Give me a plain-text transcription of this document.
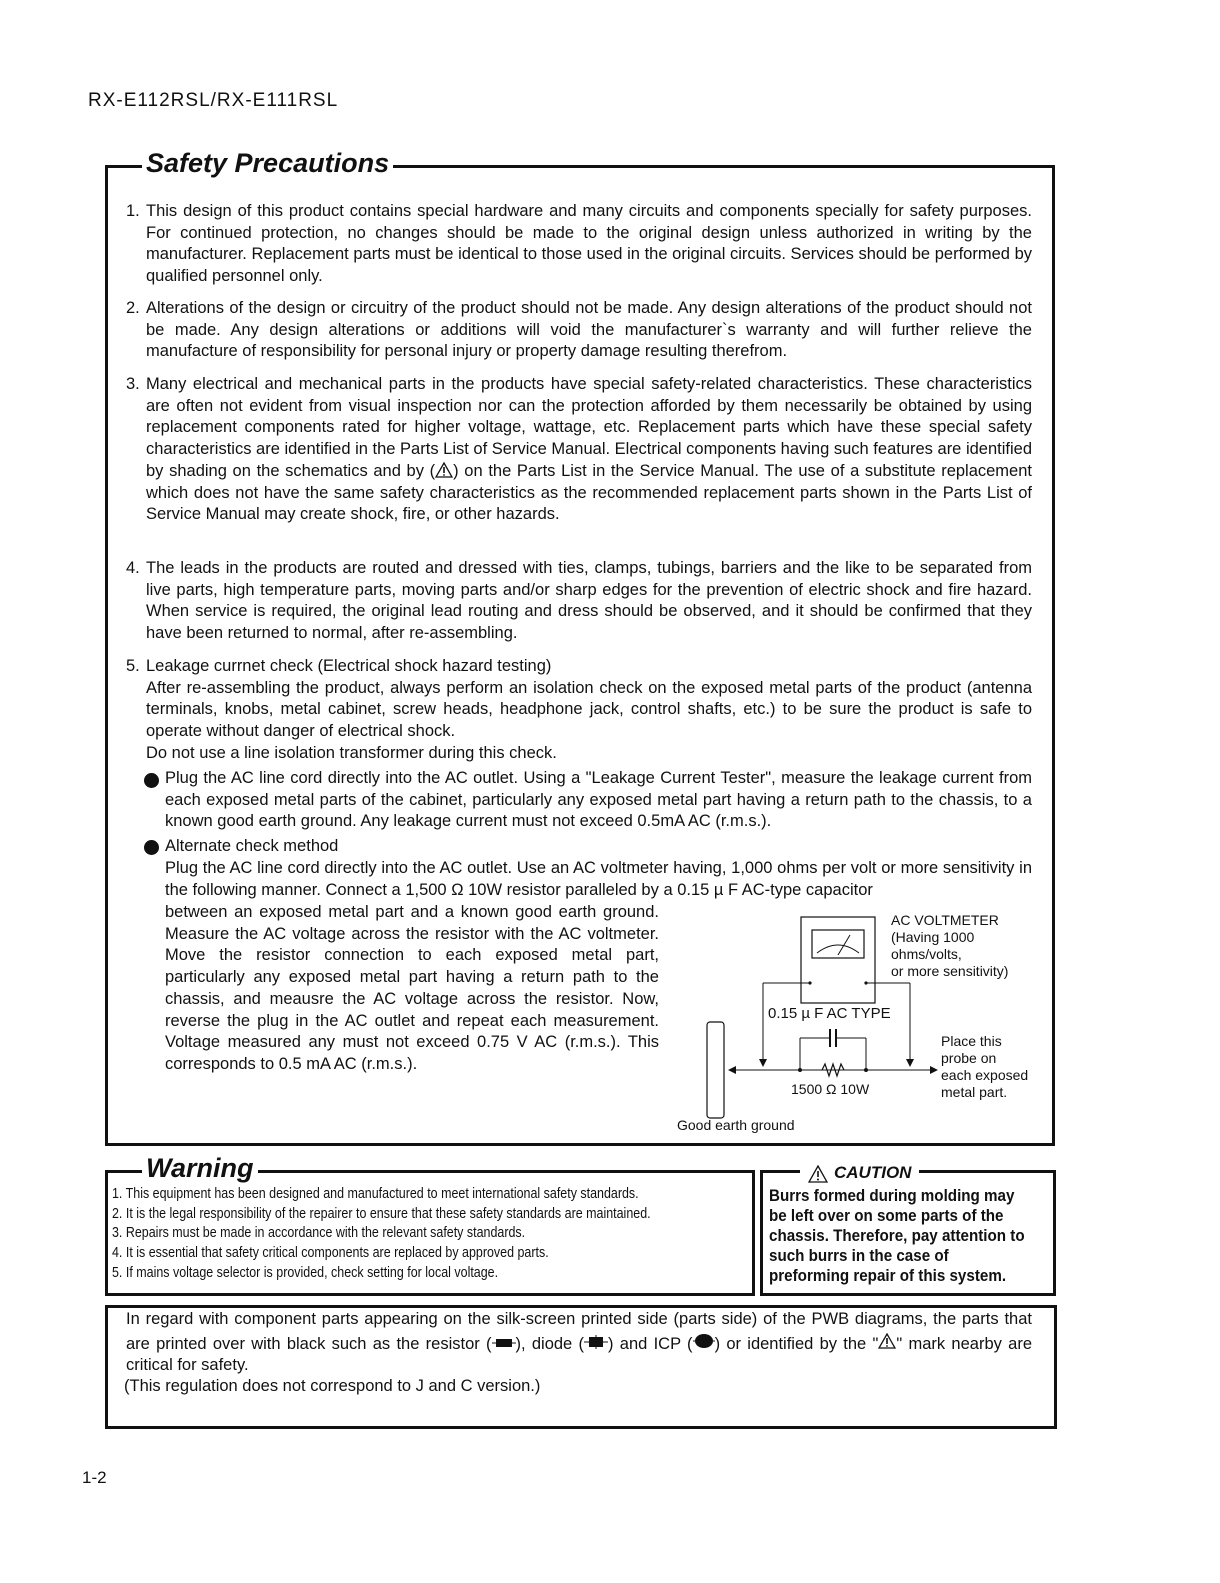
RX-E112RSL/RX-E111RSL
Safety Precautions
1. This design of this product contains special hardware and many circuits and components specially for safety purposes. For continued protection, no changes should be made to the original design unless authorized in writing by the manufacturer. Replacement parts must be identical to those used in the original circuits. Services should be performed by qualified personnel only.
2. Alterations of the design or circuitry of the product should not be made. Any design alterations of the product should not be made. Any design alterations or additions will void the manufacturer`s warranty and will further relieve the manufacture of responsibility for personal injury or property damage resulting therefrom.
3. Many electrical and mechanical parts in the products have special safety-related characteristics. These characteristics are often not evident from visual inspection nor can the protection afforded by them necessarily be obtained by using replacement components rated for higher voltage, wattage, etc. Replacement parts which have these special safety characteristics are identified in the Parts List of Service Manual. Electrical components having such features are identified by shading on the schematics and by ( ) on the Parts List in the Service Manual. The use of a substitute replacement which does not have the same safety characteristics as the recommended replacement parts shown in the Parts List of Service Manual may create shock, fire, or other hazards.
4. The leads in the products are routed and dressed with ties, clamps, tubings, barriers and the like to be separated from live parts, high temperature parts, moving parts and/or sharp edges for the prevention of electric shock and fire hazard. When service is required, the original lead routing and dress should be observed, and it should be confirmed that they have been returned to normal, after re-assembling.
5. Leakage currnet check (Electrical shock hazard testing)
After re-assembling the product, always perform an isolation check on the exposed metal parts of the product (antenna terminals, knobs, metal cabinet, screw heads, headphone jack, control shafts, etc.) to be sure the product is safe to operate without danger of electrical shock.
Do not use a line isolation transformer during this check.
Plug the AC line cord directly into the AC outlet. Using a "Leakage Current Tester", measure the leakage current from each exposed metal parts of the cabinet, particularly any exposed metal part having a return path to the chassis, to a known good earth ground. Any leakage current must not exceed 0.5mA AC (r.m.s.).
Alternate check method
Plug the AC line cord directly into the AC outlet. Use an AC voltmeter having, 1,000 ohms per volt or more sensitivity in the following manner. Connect a 1,500 Ω 10W resistor paralleled by a 0.15 µ F AC-type capacitor
between an exposed metal part and a known good earth ground. Measure the AC voltage across the resistor with the AC voltmeter. Move the resistor connection to each exposed metal part, particularly any exposed metal part having a return path to the chassis, and meausre the AC voltage across the resistor. Now, reverse the plug in the AC outlet and repeat each measurement. Voltage measured any must not exceed 0.75 V AC (r.m.s.). This corresponds to 0.5 mA AC (r.m.s.).
AC VOLTMETER
(Having 1000
ohms/volts,
or more sensitivity)
0.15 µ F AC TYPE
1500 Ω 10W
Place this
probe on
each exposed
metal part.
Good earth ground
Warning
1. This equipment has been designed and manufactured to meet international safety standards.
2. It is the legal responsibility of the repairer to ensure that these safety standards are maintained.
3. Repairs must be made in accordance with the relevant safety standards.
4. It is essential that safety critical components are replaced by approved parts.
5. If mains voltage selector is provided, check setting for local voltage.
CAUTION
Burrs formed during molding may be left over on some parts of the chassis. Therefore, pay attention to such burrs in the case of preforming repair of this system.
In regard with component parts appearing on the silk-screen printed side (parts side) of the PWB diagrams, the parts that are printed over with black such as the resistor ( ), diode ( ) and ICP ( ) or identified by the " " mark nearby are critical for safety.
(This regulation does not correspond to J and C version.)
1-2
